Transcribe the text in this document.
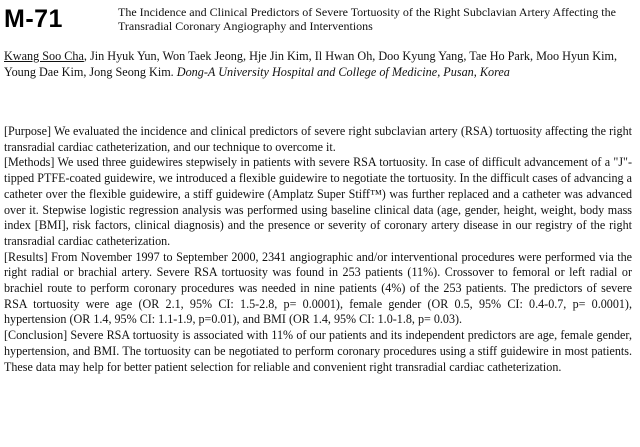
M-71	The Incidence and Clinical Predictors of Severe Tortuosity of the Right Subclavian Artery Affecting the Transradial Coronary Angiography and Interventions
Kwang Soo Cha, Jin Hyuk Yun, Won Taek Jeong, Hje Jin Kim, Il Hwan Oh, Doo Kyung Yang, Tae Ho Park, Moo Hyun Kim, Young Dae Kim, Jong Seong Kim. Dong-A University Hospital and College of Medicine, Pusan, Korea

[Purpose] We evaluated the incidence and clinical predictors of severe right subclavian artery (RSA) tortuosity affecting the right transradial cardiac catheterization, and our technique to overcome it.

[Methods] We used three guidewires stepwisely in patients with severe RSA tortuosity. In case of difficult advancement of a "J"-tipped PTFE-coated guidewire, we introduced a flexible guidewire to negotiate the tortuosity. In the difficult cases of advancing a catheter over the flexible guidewire, a stiff guidewire (Amplatz Super Stiff™) was further replaced and a catheter was advanced over it. Stepwise logistic regression analysis was performed using baseline clinical data (age, gender, height, weight, body mass index [BMI], risk factors, clinical diagnosis) and the presence or severity of coronary artery disease in our registry of the right transradial cardiac catheterization.

[Results] From November 1997 to September 2000, 2341 angiographic and/or interventional procedures were performed via the right radial or brachial artery. Severe RSA tortuosity was found in 253 patients (11%). Crossover to femoral or left radial or brachiel route to perform coronary procedures was needed in nine patients (4%) of the 253 patients. The predictors of severe RSA tortuosity were age (OR 2.1, 95% CI: 1.5-2.8, p= 0.0001), female gender (OR 0.5, 95% CI: 0.4-0.7, p= 0.0001), hypertension (OR 1.4, 95% CI: 1.1-1.9, p=0.01), and BMI (OR 1.4, 95% CI: 1.0-1.8, p= 0.03).

[Conclusion] Severe RSA tortuosity is associated with 11% of our patients and its independent predictors are age, female gender, hypertension, and BMI. The tortuosity can be negotiated to perform coronary procedures using a stiff guidewire in most patients. These data may help for better patient selection for reliable and convenient right transradial cardiac catheterization.
